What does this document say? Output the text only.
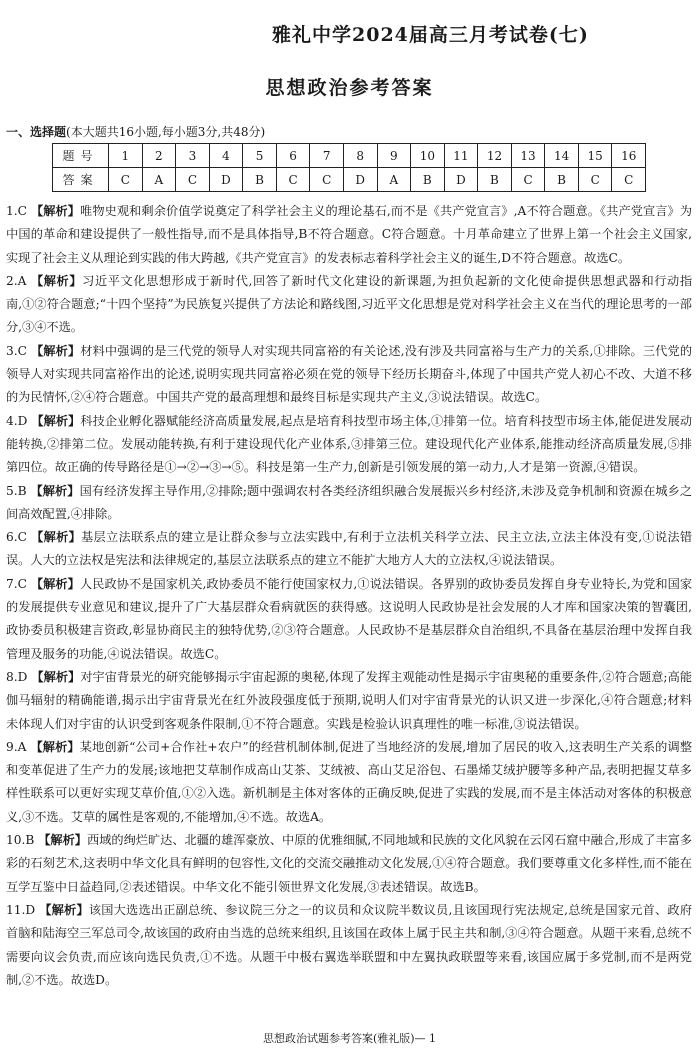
雅礼中学2024届高三月考试卷(七)
思想政治参考答案
一、选择题(本大题共16小题,每小题3分,共48分)
题号	1	2	3	4	5	6	7	8	9	10	11	12	13	14	15	16
答案	C	A	C	D	B	C	C	D	A	B	D	B	C	B	C	C
1.C 【解析】唯物史观和剩余价值学说奠定了科学社会主义的理论基石,而不是《共产党宣言》,A不符合题意。《共产党宣言》为中国的革命和建设提供了一般性指导,而不是具体指导,B不符合题意。C符合题意。十月革命建立了世界上第一个社会主义国家,实现了社会主义从理论到实践的伟大跨越,《共产党宣言》的发表标志着科学社会主义的诞生,D不符合题意。故选C。
2.A 【解析】习近平文化思想形成于新时代,回答了新时代文化建设的新课题,为担负起新的文化使命提供思想武器和行动指南,①②符合题意;“十四个坚持”为民族复兴提供了方法论和路线图,习近平文化思想是党对科学社会主义在当代的理论思考的一部分,③④不选。
3.C 【解析】材料中强调的是三代党的领导人对实现共同富裕的有关论述,没有涉及共同富裕与生产力的关系,①排除。三代党的领导人对实现共同富裕作出的论述,说明实现共同富裕必须在党的领导下经历长期奋斗,体现了中国共产党人初心不改、大道不移的为民情怀,②④符合题意。中国共产党的最高理想和最终目标是实现共产主义,③说法错误。故选C。
4.D 【解析】科技企业孵化器赋能经济高质量发展,起点是培育科技型市场主体,①排第一位。培育科技型市场主体,能促进发展动能转换,②排第二位。发展动能转换,有利于建设现代化产业体系,③排第三位。建设现代化产业体系,能推动经济高质量发展,⑤排第四位。故正确的传导路径是①→②→③→⑤。科技是第一生产力,创新是引领发展的第一动力,人才是第一资源,④错误。
5.B 【解析】国有经济发挥主导作用,②排除;题中强调农村各类经济组织融合发展振兴乡村经济,未涉及竞争机制和资源在城乡之间高效配置,④排除。
6.C 【解析】基层立法联系点的建立是让群众参与立法实践中,有利于立法机关科学立法、民主立法,立法主体没有变,①说法错误。人大的立法权是宪法和法律规定的,基层立法联系点的建立不能扩大地方人大的立法权,④说法错误。
7.C 【解析】人民政协不是国家机关,政协委员不能行使国家权力,①说法错误。各界别的政协委员发挥自身专业特长,为党和国家的发展提供专业意见和建议,提升了广大基层群众看病就医的获得感。这说明人民政协是社会发展的人才库和国家决策的智囊团,政协委员积极建言资政,彰显协商民主的独特优势,②③符合题意。人民政协不是基层群众自治组织,不具备在基层治理中发挥自我管理及服务的功能,④说法错误。故选C。
8.D 【解析】对宇宙背景光的研究能够揭示宇宙起源的奥秘,体现了发挥主观能动性是揭示宇宙奥秘的重要条件,②符合题意;高能伽马辐射的精确能谱,揭示出宇宙背景光在红外波段强度低于预期,说明人们对宇宙背景光的认识又进一步深化,④符合题意;材料未体现人们对宇宙的认识受到客观条件限制,①不符合题意。实践是检验认识真理性的唯一标准,③说法错误。
9.A 【解析】某地创新“公司+合作社+农户”的经营机制体制,促进了当地经济的发展,增加了居民的收入,这表明生产关系的调整和变革促进了生产力的发展;该地把艾草制作成高山艾茶、艾绒被、高山艾足浴包、石墨烯艾绒护腰等多种产品,表明把握艾草多样性联系可以更好实现艾草价值,①②入选。新机制是主体对客体的正确反映,促进了实践的发展,而不是主体活动对客体的积极意义,③不选。艾草的属性是客观的,不能增加,④不选。故选A。
10.B 【解析】西域的绚烂旷达、北疆的雄浑豪放、中原的优雅细腻,不同地域和民族的文化风貌在云冈石窟中融合,形成了丰富多彩的石刻艺术,这表明中华文化具有鲜明的包容性,文化的交流交融推动文化发展,①④符合题意。我们要尊重文化多样性,而不能在互学互鉴中日益趋同,②表述错误。中华文化不能引领世界文化发展,③表述错误。故选B。
11.D 【解析】该国大选选出正副总统、参议院三分之一的议员和众议院半数议员,且该国现行宪法规定,总统是国家元首、政府首脑和陆海空三军总司令,故该国的政府由当选的总统来组织,且该国在政体上属于民主共和制,③④符合题意。从题干来看,总统不需要向议会负责,而应该向选民负责,①不选。从题干中极右翼选举联盟和中左翼执政联盟等来看,该国应属于多党制,而不是两党制,②不选。故选D。
思想政治试题参考答案(雅礼版)— 1
